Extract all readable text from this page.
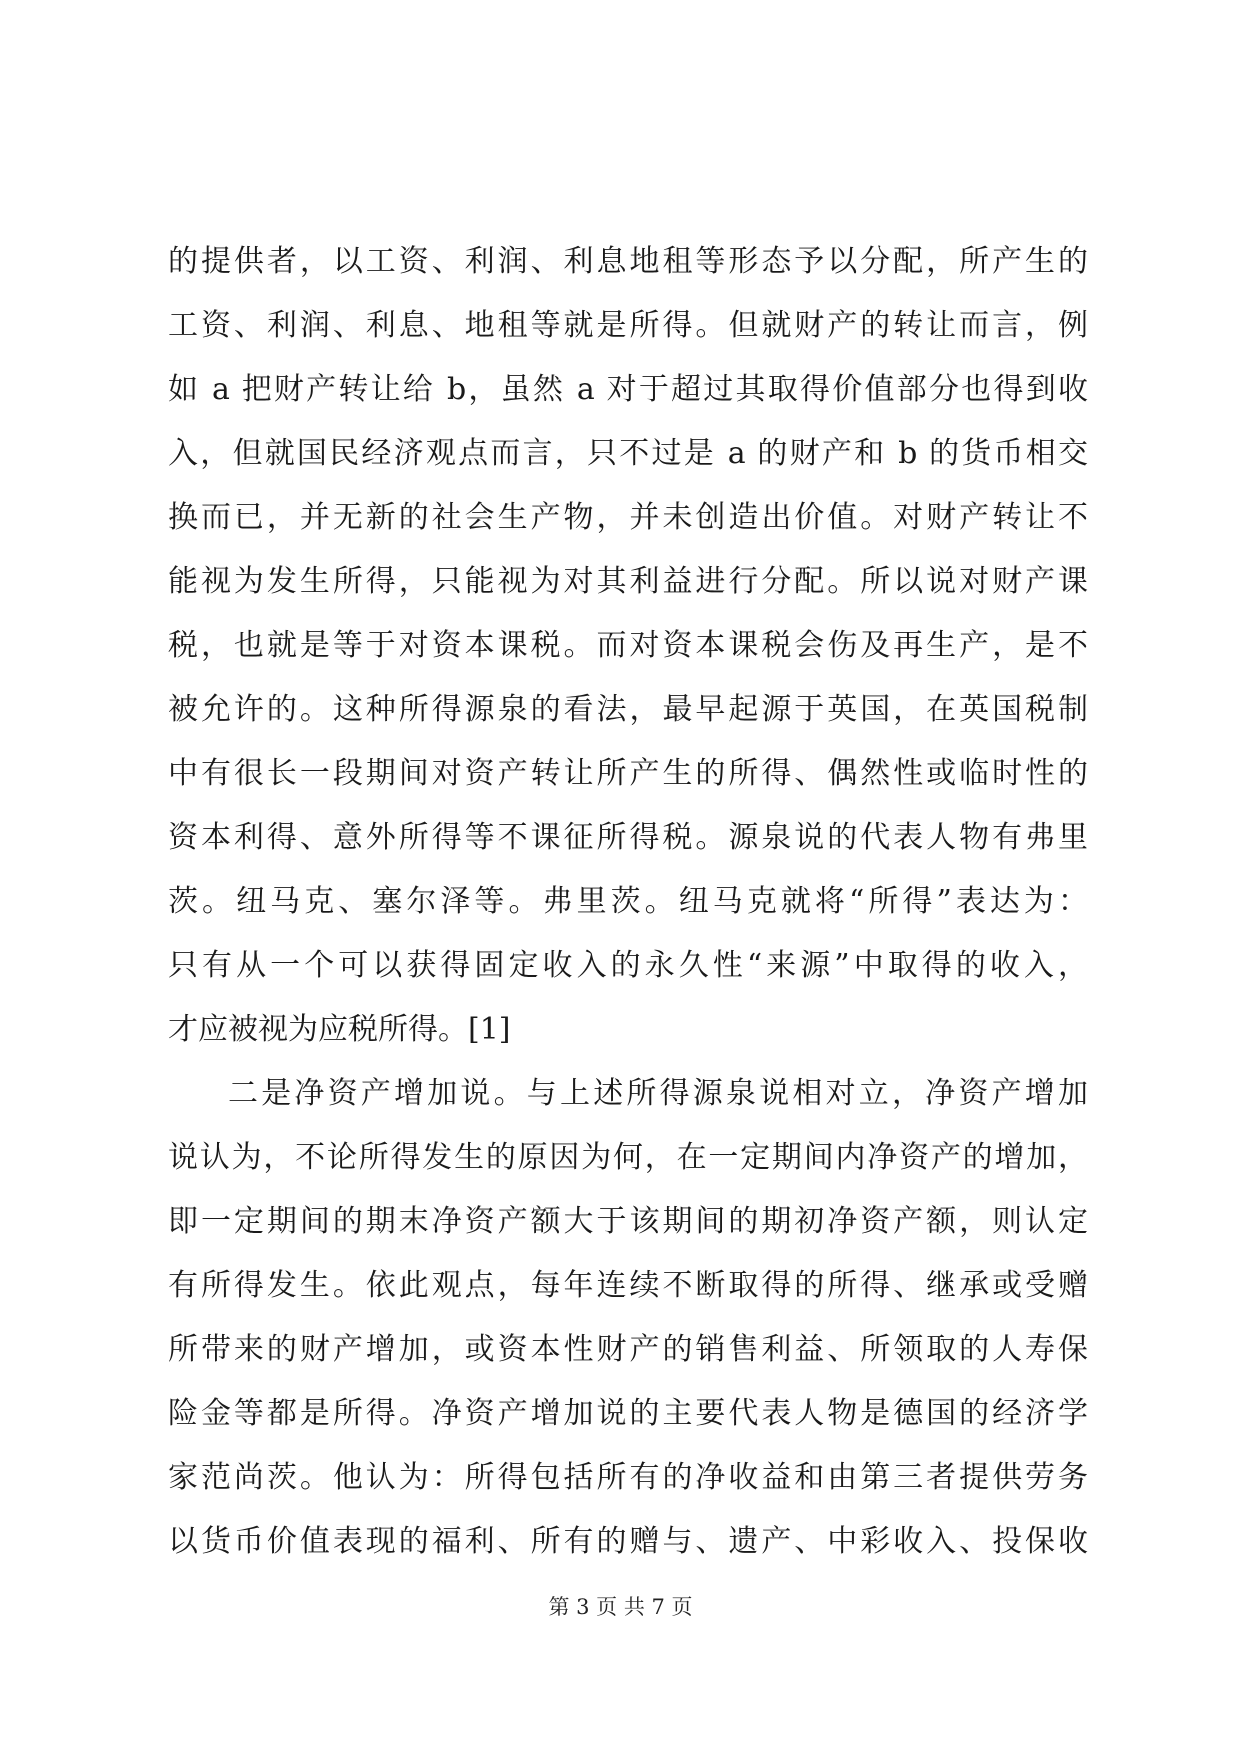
的提供者，以工资、利润、利息地租等形态予以分配，所产生的
工资、利润、利息、地租等就是所得。但就财产的转让而言，例
如 a 把财产转让给 b，虽然 a 对于超过其取得价值部分也得到收
入，但就国民经济观点而言，只不过是 a 的财产和 b 的货币相交
换而已，并无新的社会生产物，并未创造出价值。对财产转让不
能视为发生所得，只能视为对其利益进行分配。所以说对财产课
税，也就是等于对资本课税。而对资本课税会伤及再生产，是不
被允许的。这种所得源泉的看法，最早起源于英国，在英国税制
中有很长一段期间对资产转让所产生的所得、偶然性或临时性的
资本利得、意外所得等不课征所得税。源泉说的代表人物有弗里
茨。纽马克、塞尔泽等。弗里茨。纽马克就将“所得”表达为：
只有从一个可以获得固定收入的永久性“来源”中取得的收入，
才应被视为应税所得。[1]
二是净资产增加说。与上述所得源泉说相对立，净资产增加
说认为，不论所得发生的原因为何，在一定期间内净资产的增加，
即一定期间的期末净资产额大于该期间的期初净资产额，则认定
有所得发生。依此观点，每年连续不断取得的所得、继承或受赠
所带来的财产增加，或资本性财产的销售利益、所领取的人寿保
险金等都是所得。净资产增加说的主要代表人物是德国的经济学
家范尚茨。他认为：所得包括所有的净收益和由第三者提供劳务
以货币价值表现的福利、所有的赠与、遗产、中彩收入、投保收
第 3 页 共 7 页
